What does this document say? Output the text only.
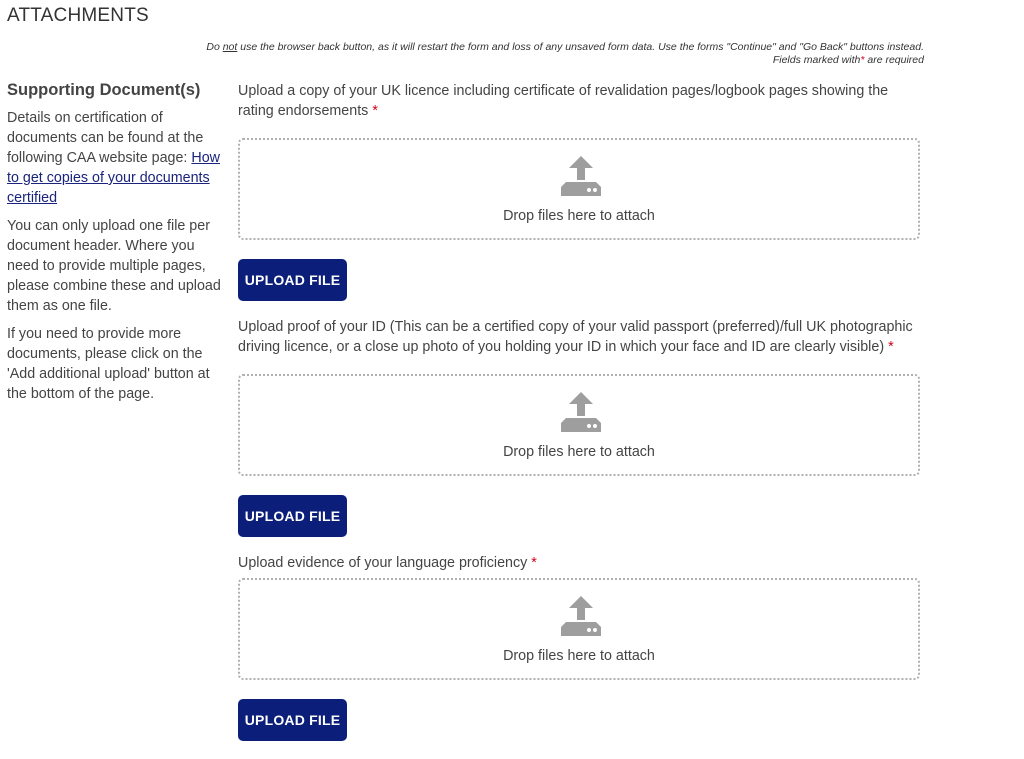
ATTACHMENTS
Do not use the browser back button, as it will restart the form and loss of any unsaved form data. Use the forms "Continue" and "Go Back" buttons instead.
Fields marked with* are required
Supporting Document(s)

Details on certification of documents can be found at the following CAA website page: How to get copies of your documents certified

You can only upload one file per document header. Where you need to provide multiple pages, please combine these and upload them as one file.

If you need to provide more documents, please click on the 'Add additional upload' button at the bottom of the page.

Upload a copy of your UK licence including certificate of revalidation pages/logbook pages showing the rating endorsements *
Drop files here to attach
UPLOAD FILE
Upload proof of your ID (This can be a certified copy of your valid passport (preferred)/full UK photographic driving licence, or a close up photo of you holding your ID in which your face and ID are clearly visible) *
Drop files here to attach
UPLOAD FILE
Upload evidence of your language proficiency *
Drop files here to attach
UPLOAD FILE
